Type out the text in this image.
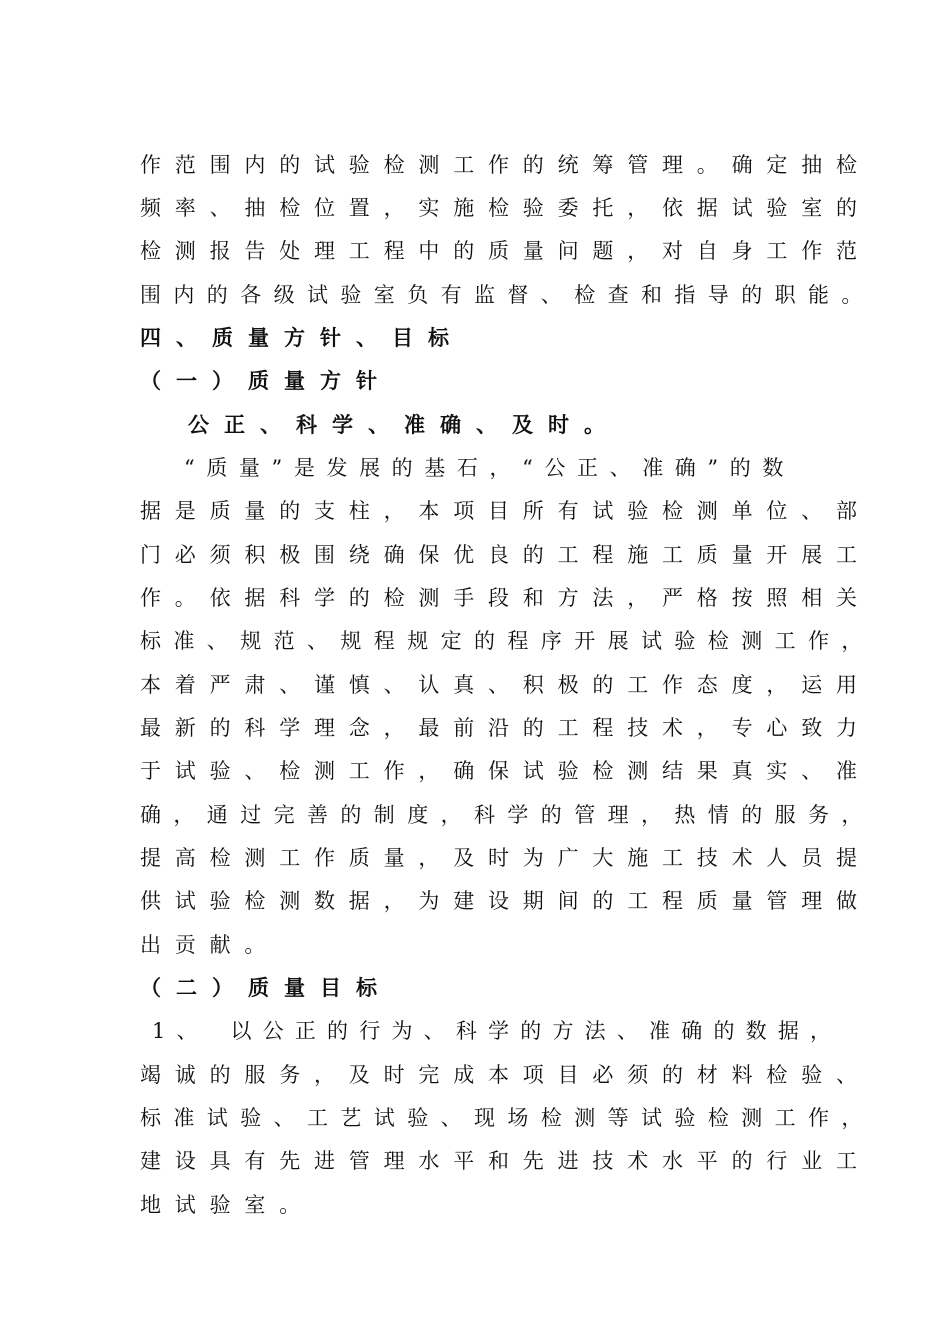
作范围内的试验检测工作的统筹管理。确定抽检
频率、抽检位置，实施检验委托，依据试验室的
检测报告处理工程中的质量问题，对自身工作范
围内的各级试验室负有监督、检查和指导的职能。
四、质量方针、目标
（一）质量方针
公正、科学、准确、及时。
“质量”是发展的基石，“公正、准确”的数
据是质量的支柱，本项目所有试验检测单位、部
门必须积极围绕确保优良的工程施工质量开展工
作。依据科学的检测手段和方法，严格按照相关
标准、规范、规程规定的程序开展试验检测工作，
本着严肃、谨慎、认真、积极的工作态度，运用
最新的科学理念，最前沿的工程技术，专心致力
于试验、检测工作，确保试验检测结果真实、准
确，通过完善的制度，科学的管理，热情的服务，
提高检测工作质量，及时为广大施工技术人员提
供试验检测数据，为建设期间的工程质量管理做
出贡献。
（二）质量目标
1、　以公正的行为、科学的方法、准确的数据，
竭诚的服务，及时完成本项目必须的材料检验、
标准试验、工艺试验、现场检测等试验检测工作，
建设具有先进管理水平和先进技术水平的行业工
地试验室。
